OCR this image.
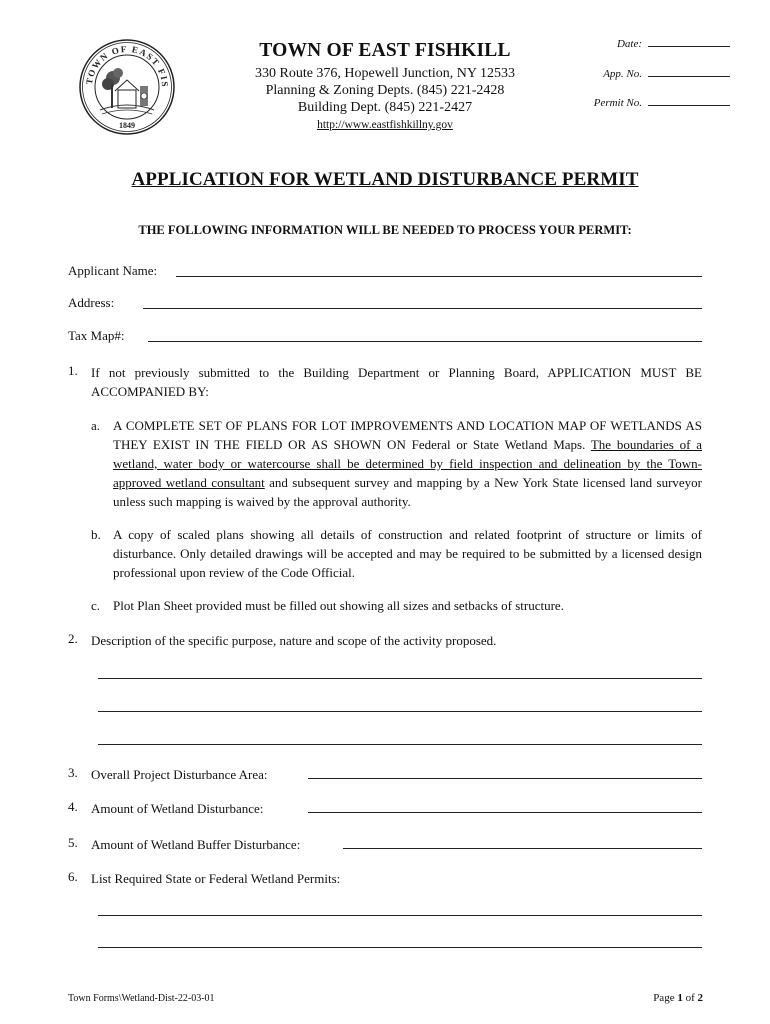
TOWN OF EAST FIS
1849
TOWN OF EAST FISHKILL
330 Route 376, Hopewell Junction, NY 12533
Planning & Zoning Depts. (845) 221-2428
Building Dept. (845) 221-2427
http://www.eastfishkillny.gov
Date:
App. No.
Permit No.
APPLICATION FOR WETLAND DISTURBANCE PERMIT
THE FOLLOWING INFORMATION WILL BE NEEDED TO PROCESS YOUR PERMIT:
Applicant Name:
Address:
Tax Map#:
1. If not previously submitted to the Building Department or Planning Board, APPLICATION MUST BE ACCOMPANIED BY:
a. A COMPLETE SET OF PLANS FOR LOT IMPROVEMENTS AND LOCATION MAP OF WETLANDS AS THEY EXIST IN THE FIELD OR AS SHOWN ON Federal or State Wetland Maps. The boundaries of a wetland, water body or watercourse shall be determined by field inspection and delineation by the Town-approved wetland consultant and subsequent survey and mapping by a New York State licensed land surveyor unless such mapping is waived by the approval authority.
b. A copy of scaled plans showing all details of construction and related footprint of structure or limits of disturbance. Only detailed drawings will be accepted and may be required to be submitted by a licensed design professional upon review of the Code Official.
c. Plot Plan Sheet provided must be filled out showing all sizes and setbacks of structure.
2. Description of the specific purpose, nature and scope of the activity proposed.
3. Overall Project Disturbance Area:
4. Amount of Wetland Disturbance:
5. Amount of Wetland Buffer Disturbance:
6. List Required State or Federal Wetland Permits:
Town Forms\Wetland-Dist-22-03-01	Page 1 of 2
